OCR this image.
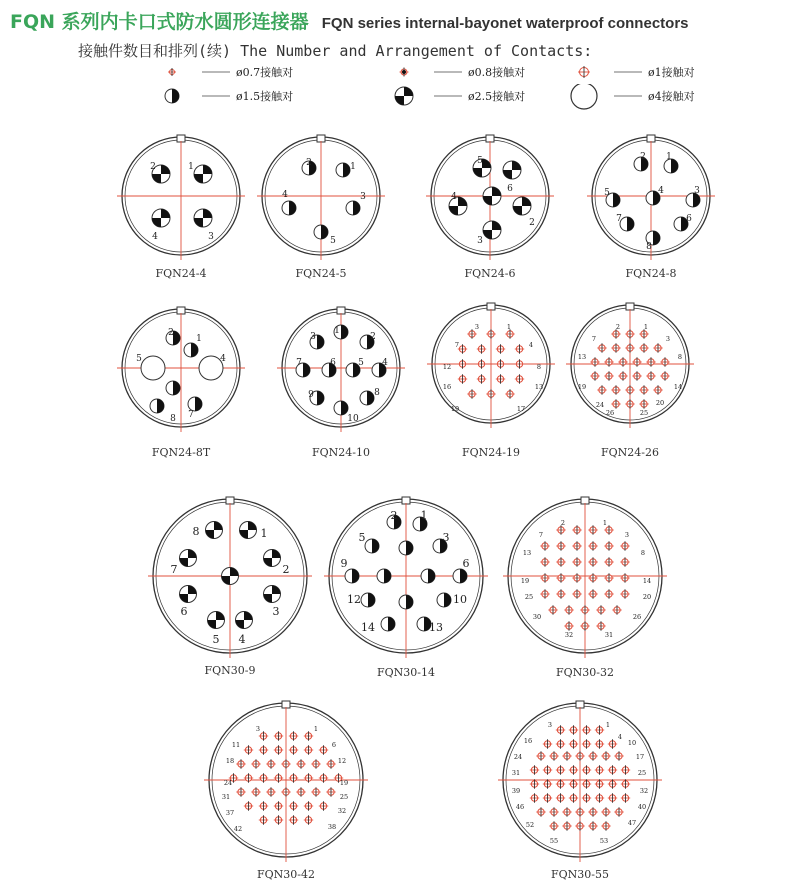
FQN 系列内卡口式防水圆形连接器 FQN series internal-bayonet waterproof connectors
接触件数目和排列(续) The Number and Arrangement of Contacts:
ø0.7接触对	ø0.8接触对	ø1接触对
ø1.5接触对	ø2.5接触对	ø4接触对
1
2
3
4
FQN24-4
1
2
3
4
5
FQN24-5
5
6
4
2
3
FQN24-6
2 1
4
5	3
7	6
8
FQN24-8
2
1
5	4
8 7
FQN24-8T
1
3	2
7	6 5 4
9	8
10
FQN24-10
3	1
7	4
12	8
16	13
19	17
FQN24-19
2	1
7	3
13	8
19	14
24	20
26	25
FQN24-26
1
8
2
7
3
6
5 4
FQN30-9
2 1
5	3
9	6
12	10
14	13
FQN30-14
2	1
7	3
13	8
19	14
25	20
30	26
32	31
FQN30-32
3	1
11	6
18	12
24	19
31	25
37	32
42	38
FQN30-42
3	1
4
16	10
24	17
31	25
39	32
46	40
52	47
55	53
FQN30-55
